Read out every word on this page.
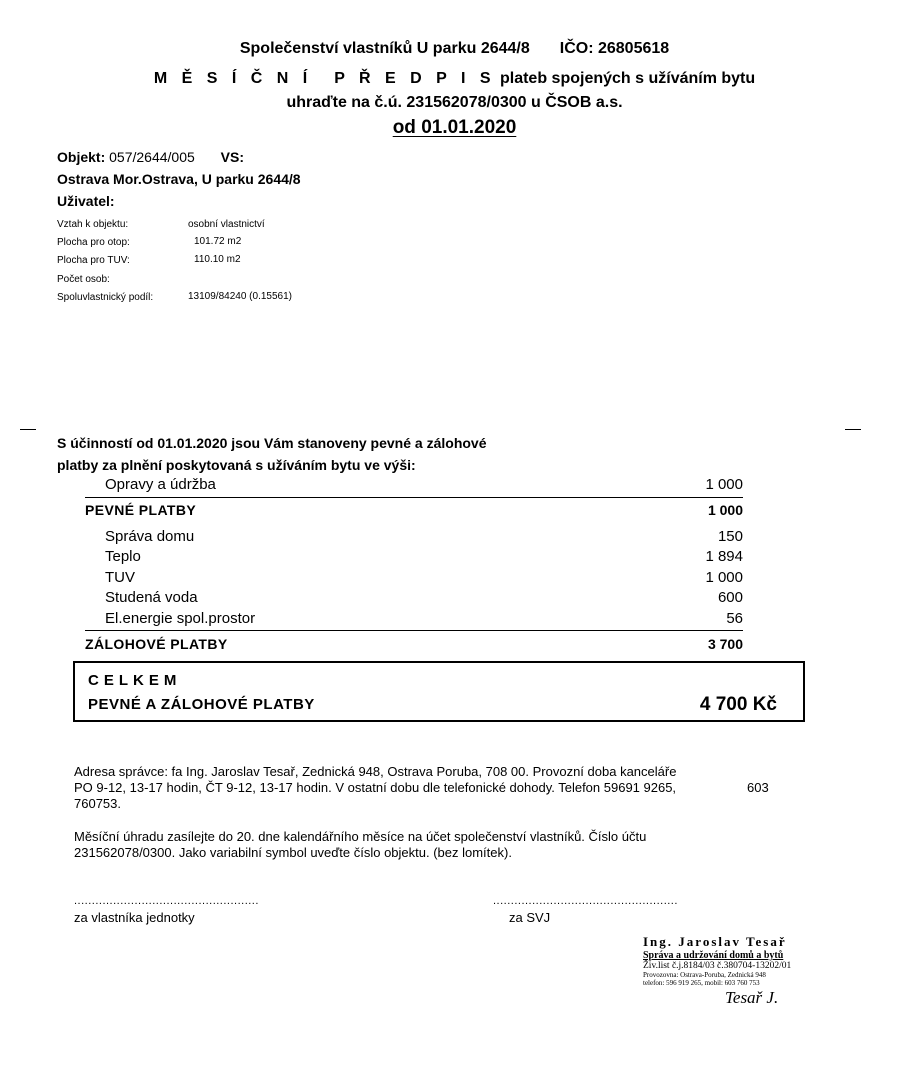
Společenství vlastníků U parku 2644/8 IČO: 26805618
M Ě S Í Č N Í P Ř E D P I S plateb spojených s užíváním bytu
uhraďte na č.ú. 231562078/0300 u ČSOB a.s.
od 01.01.2020
Objekt: 057/2644/005 VS:
Ostrava Mor.Ostrava, U parku 2644/8
Uživatel:
Vztah k objektu:	osobní vlastnictví
Plocha pro otop:	101.72 m2
Plocha pro TUV:	110.10 m2
Počet osob:
Spoluvlastnický podíl:	13109/84240 (0.15561)
S účinností od 01.01.2020 jsou Vám stanoveny pevné a zálohové
platby za plnění poskytovaná s užíváním bytu ve výši:
Opravy a údržba	1 000
PEVNÉ PLATBY	1 000
Správa domu	150
Teplo	1 894
TUV	1 000
Studená voda	600
El.energie spol.prostor	56
ZÁLOHOVÉ PLATBY	3 700
CELKEM
PEVNÉ A ZÁLOHOVÉ PLATBY	4 700 Kč
Adresa správce: fa Ing. Jaroslav Tesař, Zednická 948, Ostrava Poruba, 708 00. Provozní doba kanceláře
PO 9-12, 13-17 hodin, ČT 9-12, 13-17 hodin. V ostatní dobu dle telefonické dohody. Telefon 59691 9265,	603
760753.
Měsíční úhradu zasílejte do 20. dne kalendářního měsíce na účet společenství vlastníků. Číslo účtu
231562078/0300. Jako variabilní symbol uveďte číslo objektu. (bez lomítek).
....................................................
za vlastníka jednotky
....................................................
za SVJ
Ing. Jaroslav Tesař
Správa a udržování domů a bytů
Živ.list č.j.8184/03 č.380704-13202/01
Provozovna: Ostrava-Poruba, Zednická 948
telefon: 596 919 265, mobil: 603 760 753
Tesař J.
